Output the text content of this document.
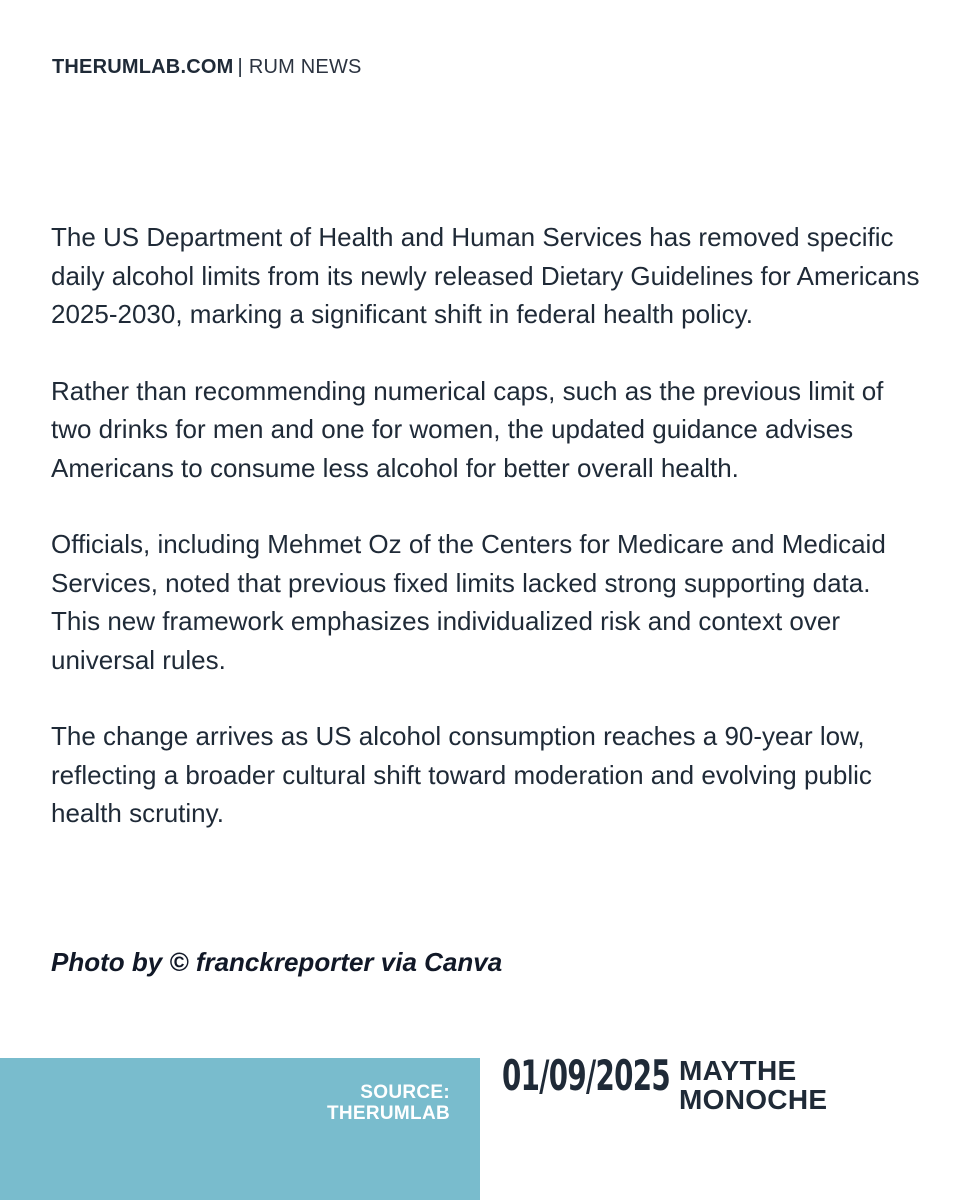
THERUMLAB.COM | RUM NEWS

The US Department of Health and Human Services has removed specific daily alcohol limits from its newly released Dietary Guidelines for Americans 2025-2030, marking a significant shift in federal health policy.

Rather than recommending numerical caps, such as the previous limit of two drinks for men and one for women, the updated guidance advises Americans to consume less alcohol for better overall health.

Officials, including Mehmet Oz of the Centers for Medicare and Medicaid Services, noted that previous fixed limits lacked strong supporting data. This new framework emphasizes individualized risk and context over universal rules.

The change arrives as US alcohol consumption reaches a 90-year low, reflecting a broader cultural shift toward moderation and evolving public health scrutiny.

Photo by © franckreporter via Canva
SOURCE:
THERUMLAB
01/09/2025 MAYTHE
MONOCHE
